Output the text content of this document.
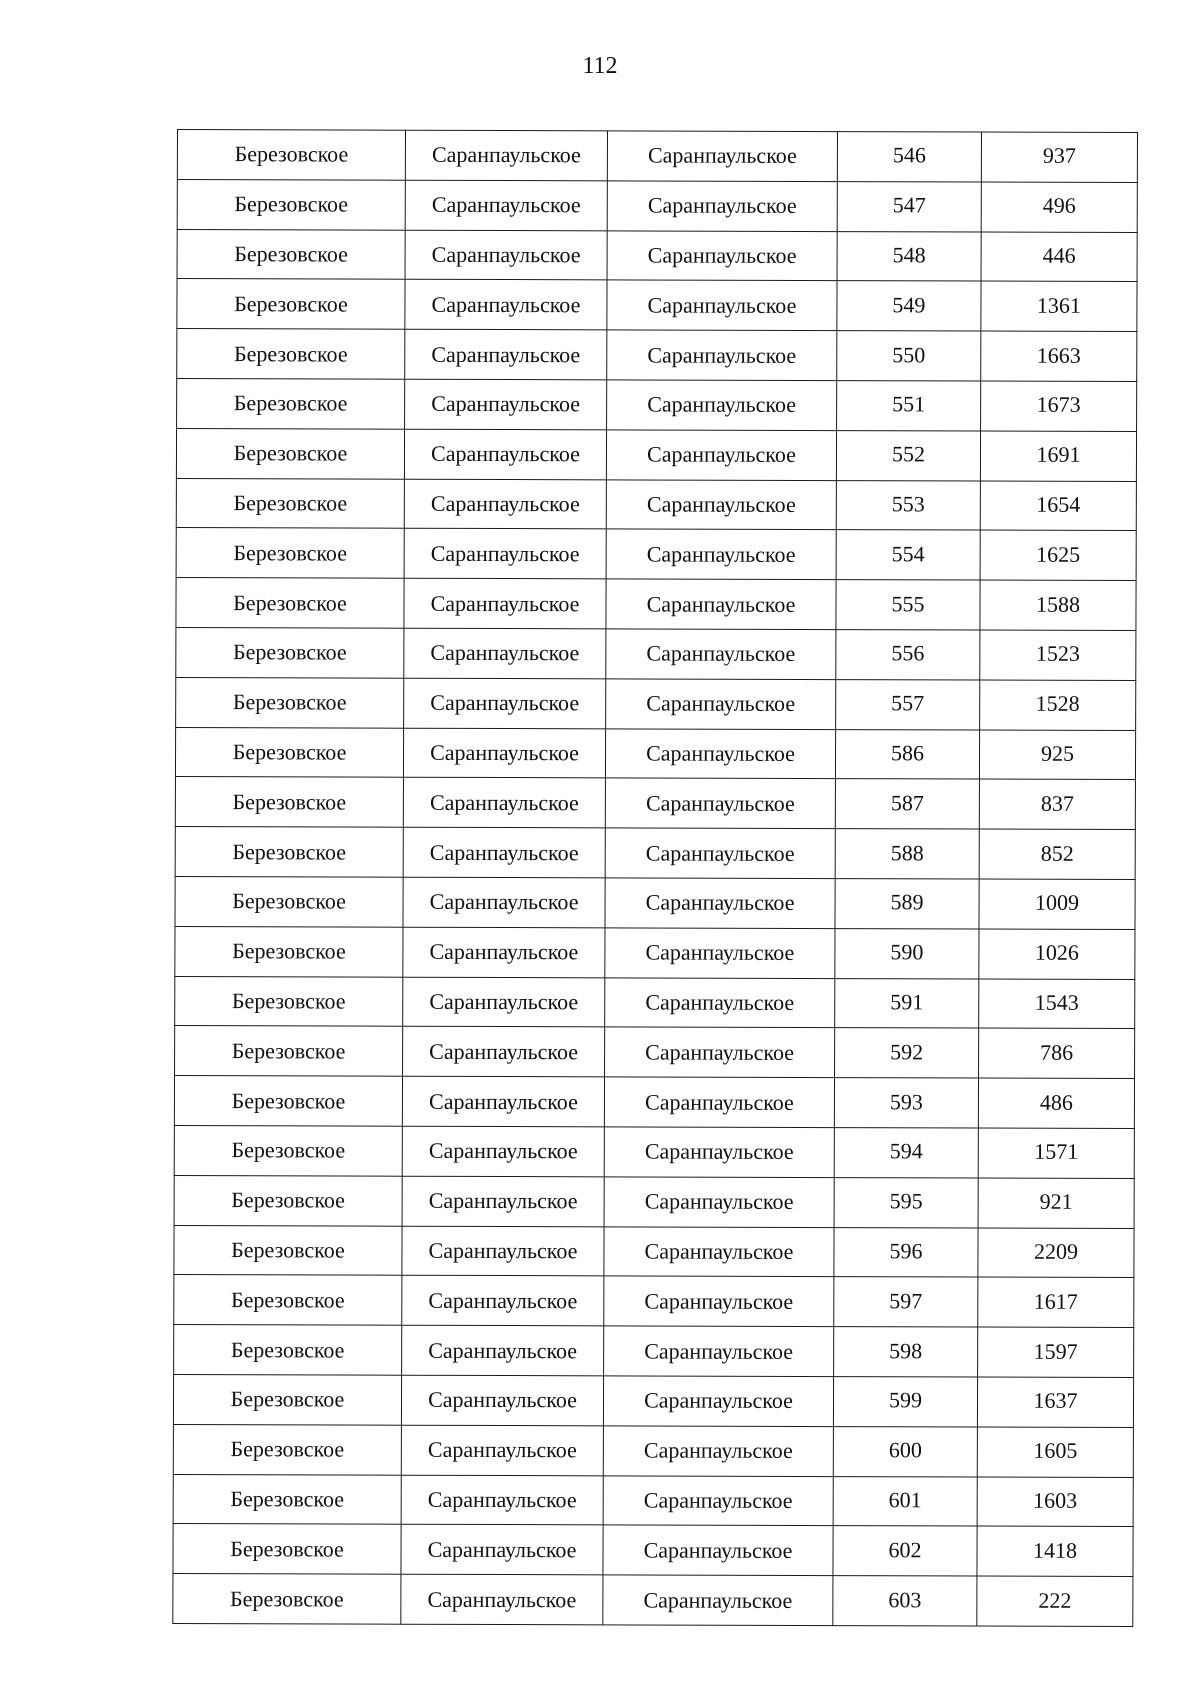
112
Березовское	Саранпаульское	Саранпаульское	546	937
Березовское	Саранпаульское	Саранпаульское	547	496
Березовское	Саранпаульское	Саранпаульское	548	446
Березовское	Саранпаульское	Саранпаульское	549	1361
Березовское	Саранпаульское	Саранпаульское	550	1663
Березовское	Саранпаульское	Саранпаульское	551	1673
Березовское	Саранпаульское	Саранпаульское	552	1691
Березовское	Саранпаульское	Саранпаульское	553	1654
Березовское	Саранпаульское	Саранпаульское	554	1625
Березовское	Саранпаульское	Саранпаульское	555	1588
Березовское	Саранпаульское	Саранпаульское	556	1523
Березовское	Саранпаульское	Саранпаульское	557	1528
Березовское	Саранпаульское	Саранпаульское	586	925
Березовское	Саранпаульское	Саранпаульское	587	837
Березовское	Саранпаульское	Саранпаульское	588	852
Березовское	Саранпаульское	Саранпаульское	589	1009
Березовское	Саранпаульское	Саранпаульское	590	1026
Березовское	Саранпаульское	Саранпаульское	591	1543
Березовское	Саранпаульское	Саранпаульское	592	786
Березовское	Саранпаульское	Саранпаульское	593	486
Березовское	Саранпаульское	Саранпаульское	594	1571
Березовское	Саранпаульское	Саранпаульское	595	921
Березовское	Саранпаульское	Саранпаульское	596	2209
Березовское	Саранпаульское	Саранпаульское	597	1617
Березовское	Саранпаульское	Саранпаульское	598	1597
Березовское	Саранпаульское	Саранпаульское	599	1637
Березовское	Саранпаульское	Саранпаульское	600	1605
Березовское	Саранпаульское	Саранпаульское	601	1603
Березовское	Саранпаульское	Саранпаульское	602	1418
Березовское	Саранпаульское	Саранпаульское	603	222
